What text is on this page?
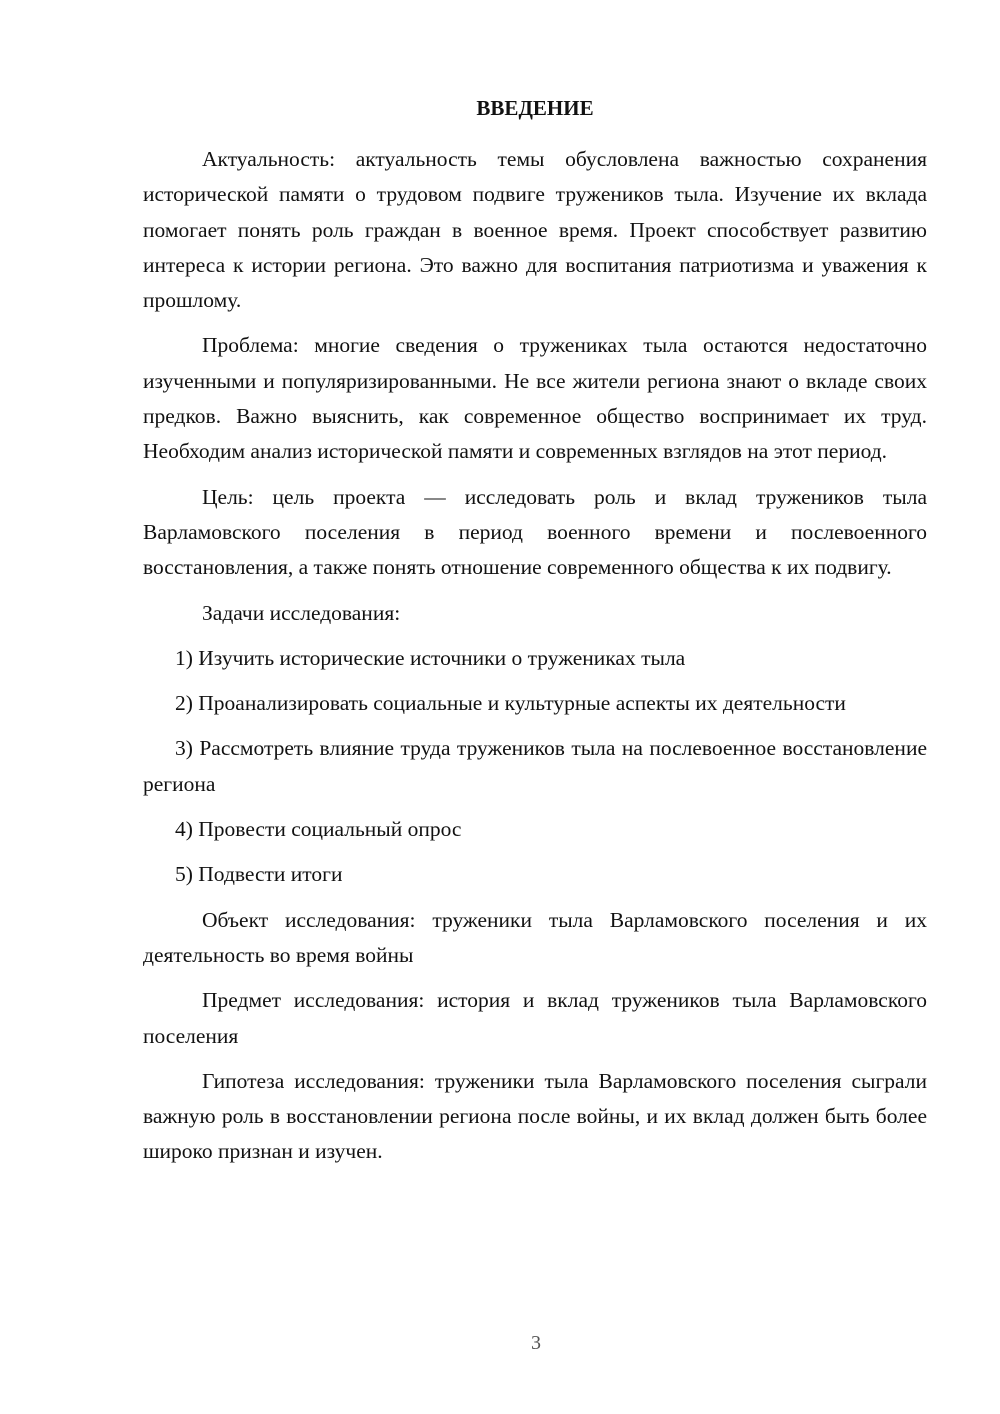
ВВЕДЕНИЕ

Актуальность: актуальность темы обусловлена важностью сохранения исторической памяти о трудовом подвиге тружеников тыла. Изучение их вклада помогает понять роль граждан в военное время. Проект способствует развитию интереса к истории региона. Это важно для воспитания патриотизма и уважения к прошлому.

Проблема: многие сведения о тружениках тыла остаются недостаточно изученными и популяризированными. Не все жители региона знают о вкладе своих предков. Важно выяснить, как современное общество воспринимает их труд. Необходим анализ исторической памяти и современных взглядов на этот период.

Цель: цель проекта — исследовать роль и вклад тружеников тыла Варламовского поселения в период военного времени и послевоенного восстановления, а также понять отношение современного общества к их подвигу.

Задачи исследования:

1) Изучить исторические источники о тружениках тыла

2) Проанализировать социальные и культурные аспекты их деятельности

3) Рассмотреть влияние труда тружеников тыла на послевоенное восстановление региона

4) Провести социальный опрос

5) Подвести итоги

Объект исследования: труженики тыла Варламовского поселения и их деятельность во время войны

Предмет исследования: история и вклад тружеников тыла Варламовского поселения

Гипотеза исследования: труженики тыла Варламовского поселения сыграли важную роль в восстановлении региона после войны, и их вклад должен быть более широко признан и изучен.

3
